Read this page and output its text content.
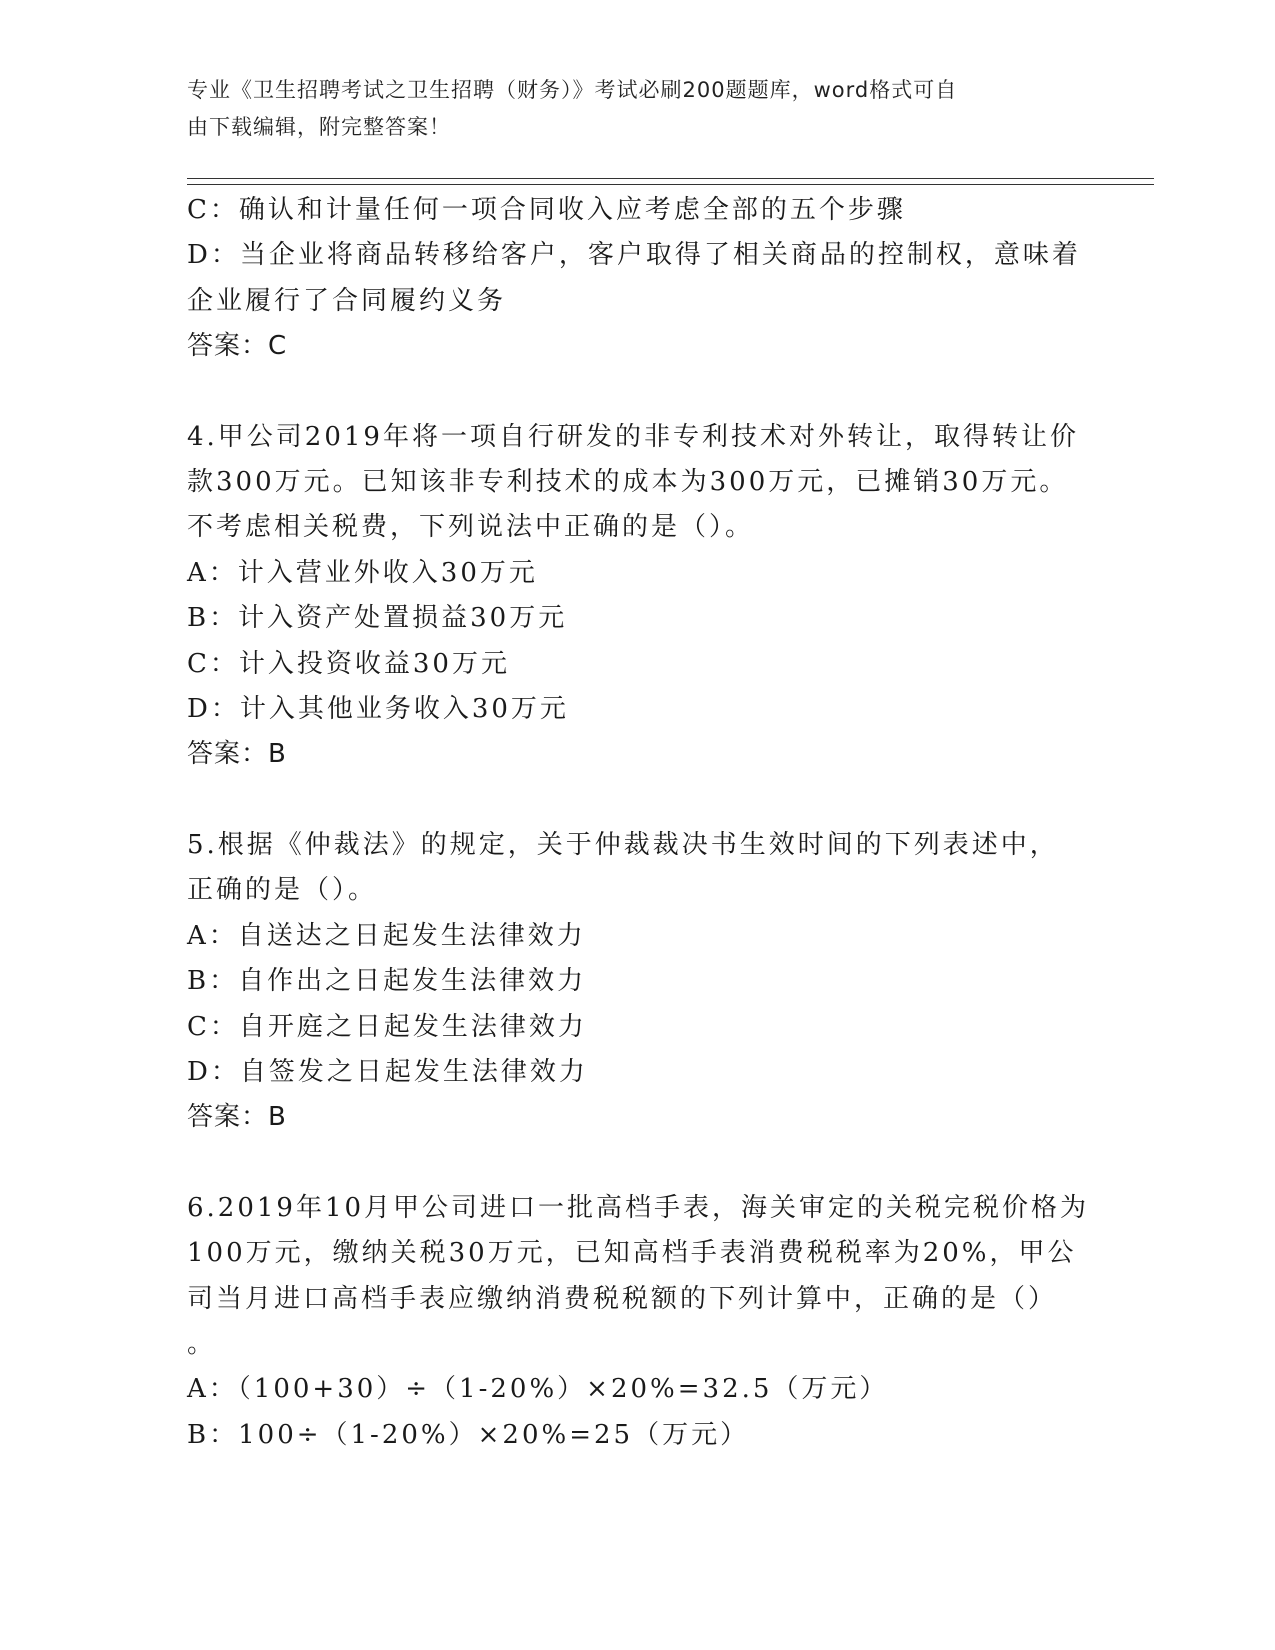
专业《卫生招聘考试之卫生招聘（财务）》考试必刷200题题库，word格式可自
由下载编辑，附完整答案！
C：确认和计量任何一项合同收入应考虑全部的五个步骤
D：当企业将商品转移给客户，客户取得了相关商品的控制权，意味着
企业履行了合同履约义务
答案：C
4.甲公司2019年将一项自行研发的非专利技术对外转让，取得转让价
款300万元。已知该非专利技术的成本为300万元，已摊销30万元。
不考虑相关税费，下列说法中正确的是（）。
A：计入营业外收入30万元
B：计入资产处置损益30万元
C：计入投资收益30万元
D：计入其他业务收入30万元
答案：B
5.根据《仲裁法》的规定，关于仲裁裁决书生效时间的下列表述中，
正确的是（）。
A：自送达之日起发生法律效力
B：自作出之日起发生法律效力
C：自开庭之日起发生法律效力
D：自签发之日起发生法律效力
答案：B
6.2019年10月甲公司进口一批高档手表，海关审定的关税完税价格为
100万元，缴纳关税30万元，已知高档手表消费税税率为20%，甲公
司当月进口高档手表应缴纳消费税税额的下列计算中，正确的是（）
。
A：（100+30）÷（1-20%）×20%=32.5（万元）
B：100÷（1-20%）×20%=25（万元）
